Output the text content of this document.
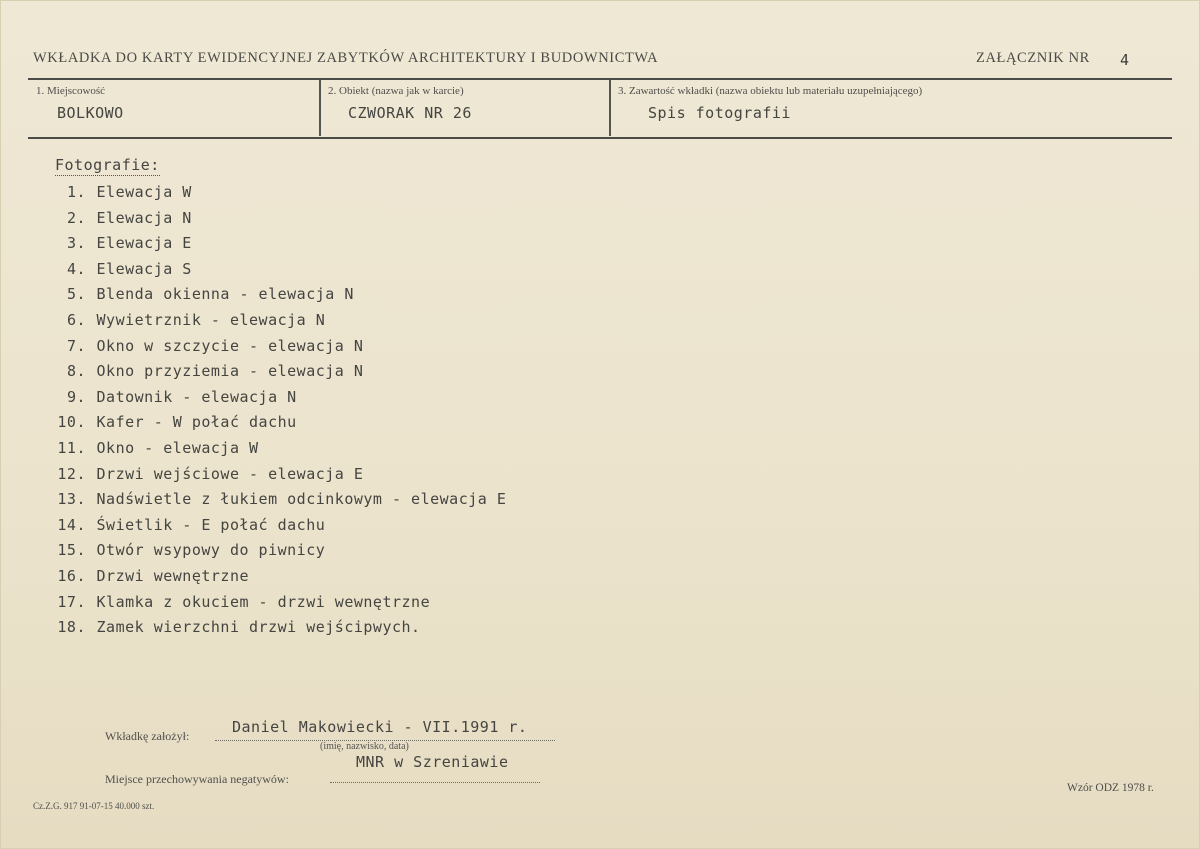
WKŁADKA DO KARTY EWIDENCYJNEJ ZABYTKÓW ARCHITEKTURY I BUDOWNICTWA	ZAŁĄCZNIK NR 4
1. Miejscowość
BOLKOWO
2. Obiekt (nazwa jak w karcie)
CZWORAK NR 26
3. Zawartość wkładki (nazwa obiektu lub materiału uzupełniającego)
Spis fotografii
Fotografie:
1. Elewacja W
2. Elewacja N
3. Elewacja E
4. Elewacja S
5. Blenda okienna - elewacja N
6. Wywietrznik - elewacja N
7. Okno w szczycie - elewacja N
8. Okno przyziemia - elewacja N
9. Datownik - elewacja N
10. Kafer - W połać dachu
11. Okno - elewacja W
12. Drzwi wejściowe - elewacja E
13. Nadświetle z łukiem odcinkowym - elewacja E
14. Świetlik - E połać dachu
15. Otwór wsypowy do piwnicy
16. Drzwi wewnętrzne
17. Klamka z okuciem - drzwi wewnętrzne
18. Zamek wierzchni drzwi wejścipwych.
Wkładkę założył:	Daniel Makowiecki - VII.1991 r.
(imię, nazwisko, data)
Miejsce przechowywania negatywów:
MNR w Szreniawie
Cz.Z.G. 917 91-07-15 40.000 szt.
Wzór ODZ 1978 r.
